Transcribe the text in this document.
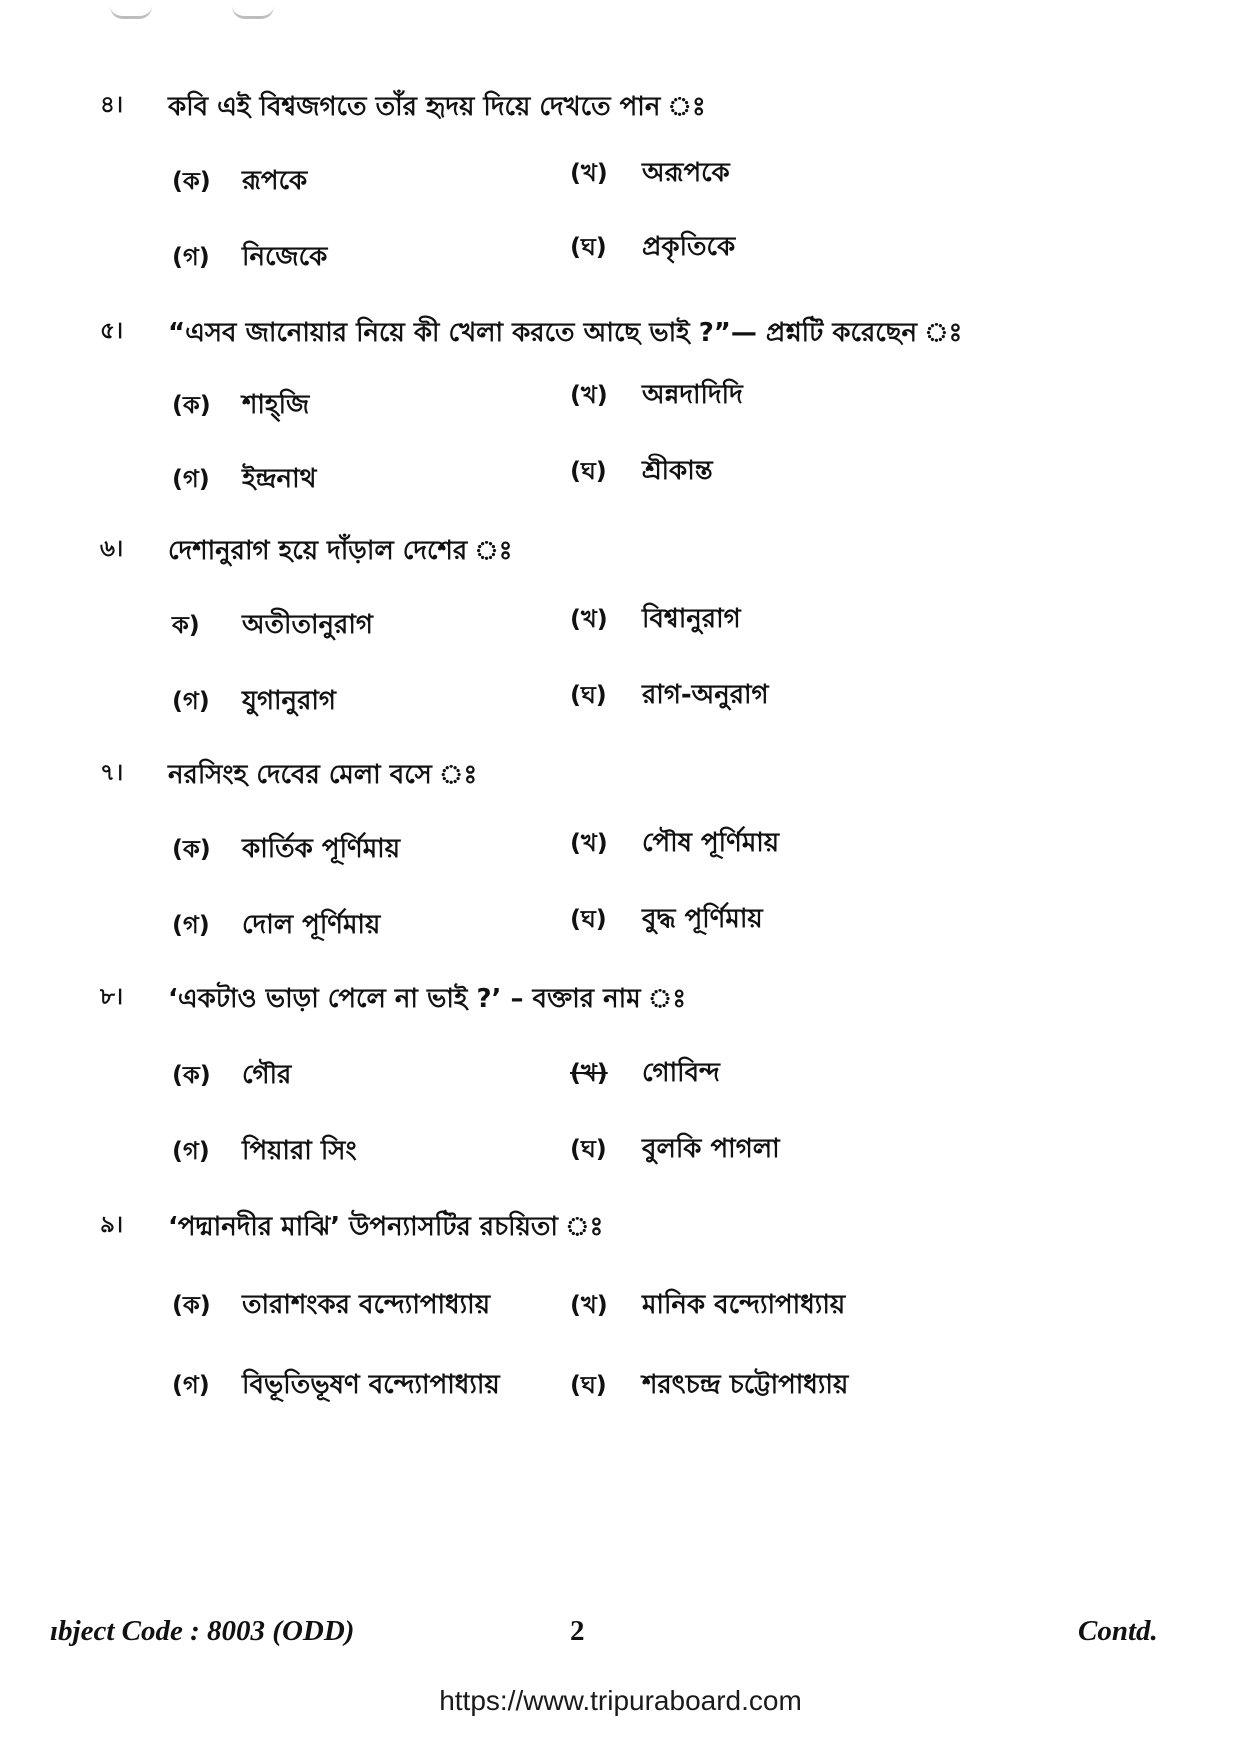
৪। কবি এই বিশ্বজগতে তাঁর হৃদয় দিয়ে দেখতে পান ঃ
(ক) রূপকে	(খ) অরূপকে
(গ) নিজেকে	(ঘ) প্রকৃতিকে
৫। “এসব জানোয়ার নিয়ে কী খেলা করতে আছে ভাই ?”— প্রশ্নটি করেছেন ঃ
(ক) শাহ্‌জি	(খ) অন্নদাদিদি
(গ) ইন্দ্রনাথ	(ঘ) শ্রীকান্ত
৬। দেশানুরাগ হয়ে দাঁড়াল দেশের ঃ
ক) অতীতানুরাগ	(খ) বিশ্বানুরাগ
(গ) যুগানুরাগ	(ঘ) রাগ-অনুরাগ
৭। নরসিংহ দেবের মেলা বসে ঃ
(ক) কার্তিক পূর্ণিমায়	(খ) পৌষ পূর্ণিমায়
(গ) দোল পূর্ণিমায়	(ঘ) বুদ্ধ পূর্ণিমায়
৮। ‘একটাও ভাড়া পেলে না ভাই ?’ – বক্তার নাম ঃ
(ক) গৌর	(খ) গোবিন্দ
(গ) পিয়ারা সিং	(ঘ) বুলকি পাগলা
৯। ‘পদ্মানদীর মাঝি’ উপন্যাসটির রচয়িতা ঃ
(ক) তারাশংকর বন্দ্যোপাধ্যায়	(খ) মানিক বন্দ্যোপাধ্যায়
(গ) বিভূতিভূষণ বন্দ্যোপাধ্যায়	(ঘ) শরৎচন্দ্র চট্টোপাধ্যায়
ıbject Code : 8003 (ODD)	2	Contd.
https://www.tripuraboard.com
